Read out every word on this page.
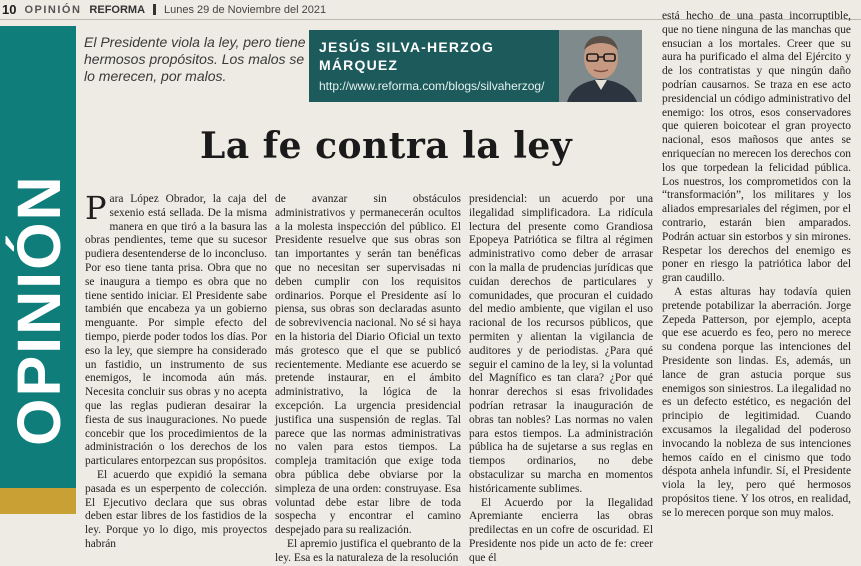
10 OPINIÓN REFORMA Lunes 29 de Noviembre del 2021
OPINIÓN
El Presidente viola la ley, pero tiene hermosos propósitos. Los malos se lo merecen, por malos.
JESÚS SILVA-HERZOG MÁRQUEZ
http://www.reforma.com/blogs/silvaherzog/
La fe contra la ley

Para López Obrador, la caja del sexenio está sellada. De la misma manera en que tiró a la basura las obras pendientes, teme que su sucesor pudiera desentenderse de lo inconcluso. Por eso tiene tanta prisa. Obra que no se inaugura a tiempo es obra que no tiene sentido iniciar. El Presidente sabe también que encabeza ya un gobierno menguante. Por simple efecto del tiempo, pierde poder todos los días. Por eso la ley, que siempre ha considerado un fastidio, un instrumento de sus enemigos, le incomoda aún más. Necesita concluir sus obras y no acepta que las reglas pudieran desairar la fiesta de sus inauguraciones. No puede concebir que los procedimientos de la administración o los derechos de los particulares entorpezcan sus propósitos.

El acuerdo que expidió la semana pasada es un esperpento de colección. El Ejecutivo declara que sus obras deben estar libres de los fastidios de la ley. Porque yo lo digo, mis proyectos habrán

de avanzar sin obstáculos administrativos y permanecerán ocultos a la molesta inspección del público. El Presidente resuelve que sus obras son tan importantes y serán tan benéficas que no necesitan ser supervisadas ni deben cumplir con los requisitos ordinarios. Porque el Presidente así lo piensa, sus obras son declaradas asunto de sobrevivencia nacional. No sé si haya en la historia del Diario Oficial un texto más grotesco que el que se publicó recientemente. Mediante ese acuerdo se pretende instaurar, en el ámbito administrativo, la lógica de la excepción. La urgencia presidencial justifica una suspensión de reglas. Tal parece que las normas administrativas no valen para estos tiempos. La compleja tramitación que exige toda obra pública debe obviarse por la simpleza de una orden: construyase. Esa voluntad debe estar libre de toda sospecha y encontrar el camino despejado para su realización.

El apremio justifica el quebranto de la ley. Esa es la naturaleza de la resolución

presidencial: un acuerdo por una ilegalidad simplificadora. La ridícula lectura del presente como Grandiosa Epopeya Patriótica se filtra al régimen administrativo como deber de arrasar con la malla de prudencias jurídicas que cuidan derechos de particulares y comunidades, que procuran el cuidado del medio ambiente, que vigilan el uso racional de los recursos públicos, que permiten y alientan la vigilancia de auditores y de periodistas. ¿Para qué seguir el camino de la ley, si la voluntad del Magnífico es tan clara? ¿Por qué honrar derechos si esas frivolidades podrían retrasar la inauguración de obras tan nobles? Las normas no valen para estos tiempos. La administración pública ha de sujetarse a sus reglas en tiempos ordinarios, no debe obstaculizar su marcha en momentos históricamente sublimes.

El Acuerdo por la Ilegalidad Apremiante encierra las obras predilectas en un cofre de oscuridad. El Presidente nos pide un acto de fe: creer que él

está hecho de una pasta incorruptible, que no tiene ninguna de las manchas que ensucian a los mortales. Creer que su aura ha purificado el alma del Ejército y de los contratistas y que ningún daño podrían causarnos. Se traza en ese acto presidencial un código administrativo del enemigo: los otros, esos conservadores que quieren boicotear el gran proyecto nacional, esos mañosos que antes se enriquecían no merecen los derechos con los que torpedean la felicidad pública. Los nuestros, los comprometidos con la “transformación”, los militares y los aliados empresariales del régimen, por el contrario, estarán bien amparados. Podrán actuar sin estorbos y sin mirones. Respetar los derechos del enemigo es poner en riesgo la patriótica labor del gran caudillo.

A estas alturas hay todavía quien pretende potabilizar la aberración. Jorge Zepeda Patterson, por ejemplo, acepta que ese acuerdo es feo, pero no merece su condena porque las intenciones del Presidente son lindas. Es, además, un lance de gran astucia porque sus enemigos son siniestros. La ilegalidad no es un defecto estético, es negación del principio de legitimidad. Cuando excusamos la ilegalidad del poderoso invocando la nobleza de sus intenciones hemos caído en el cinismo que todo déspota anhela infundir. Sí, el Presidente viola la ley, pero qué hermosos propósitos tiene. Y los otros, en realidad, se lo merecen porque son muy malos.
